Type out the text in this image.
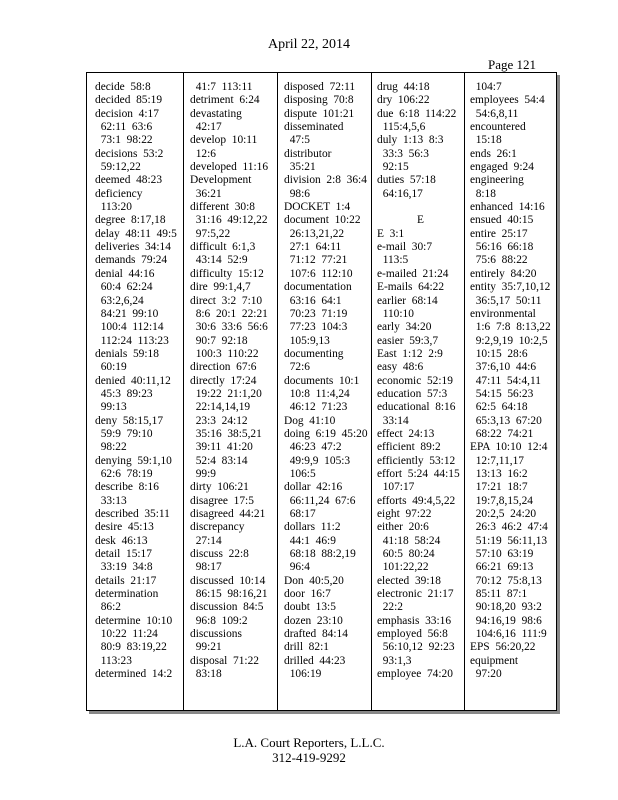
April 22, 2014
Page 121
decide  58:8
decided  85:19
decision  4:17
62:11  63:6
73:1  98:22
decisions  53:2
59:12,22
deemed  48:23
deficiency
113:20
degree  8:17,18
delay  48:11  49:5
deliveries  34:14
demands  79:24
denial  44:16
60:4  62:24
63:2,6,24
84:21  99:10
100:4  112:14
112:24  113:23
denials  59:18
60:19
denied  40:11,12
45:3  89:23
99:13
deny  58:15,17
59:9  79:10
98:22
denying  59:1,10
62:6  78:19
describe  8:16
33:13
described  35:11
desire  45:13
desk  46:13
detail  15:17
33:19  34:8
details  21:17
determination
86:2
determine  10:10
10:22  11:24
80:9  83:19,22
113:23
determined  14:2
41:7  113:11
detriment  6:24
devastating
42:17
develop  10:11
12:6
developed  11:16
Development
36:21
different  30:8
31:16  49:12,22
97:5,22
difficult  6:1,3
43:14  52:9
difficulty  15:12
dire  99:1,4,7
direct  3:2  7:10
8:6  20:1  22:21
30:6  33:6  56:6
90:7  92:18
100:3  110:22
direction  67:6
directly  17:24
19:22  21:1,20
22:14,14,19
23:3  24:12
35:16  38:5,21
39:11  41:20
52:4  83:14
99:9
dirty  106:21
disagree  17:5
disagreed  44:21
discrepancy
27:14
discuss  22:8
98:17
discussed  10:14
86:15  98:16,21
discussion  84:5
96:8  109:2
discussions
99:21
disposal  71:22
83:18
disposed  72:11
disposing  70:8
dispute  101:21
disseminated
47:5
distributor
35:21
division  2:8  36:4
98:6
DOCKET  1:4
document  10:22
26:13,21,22
27:1  64:11
71:12  77:21
107:6  112:10
documentation
63:16  64:1
70:23  71:19
77:23  104:3
105:9,13
documenting
72:6
documents  10:1
10:8  11:4,24
46:12  71:23
Dog  41:10
doing  6:19  45:20
46:23  47:2
49:9,9  105:3
106:5
dollar  42:16
66:11,24  67:6
68:17
dollars  11:2
44:1  46:9
68:18  88:2,19
96:4
Don  40:5,20
door  16:7
doubt  13:5
dozen  23:10
drafted  84:14
drill  82:1
drilled  44:23
106:19
drug  44:18
dry  106:22
due  6:18  114:22
115:4,5,6
duly  1:13  8:3
33:3  56:3
92:15
duties  57:18
64:16,17
E
E  3:1
e-mail  30:7
113:5
e-mailed  21:24
E-mails  64:22
earlier  68:14
110:10
early  34:20
easier  59:3,7
East  1:12  2:9
easy  48:6
economic  52:19
education  57:3
educational  8:16
33:14
effect  24:13
efficient  89:2
efficiently  53:12
effort  5:24  44:15
107:17
efforts  49:4,5,22
eight  97:22
either  20:6
41:18  58:24
60:5  80:24
101:22,22
elected  39:18
electronic  21:17
22:2
emphasis  33:16
employed  56:8
56:10,12  92:23
93:1,3
employee  74:20
104:7
employees  54:4
54:6,8,11
encountered
15:18
ends  26:1
engaged  9:24
engineering
8:18
enhanced  14:16
ensued  40:15
entire  25:17
56:16  66:18
75:6  88:22
entirely  84:20
entity  35:7,10,12
36:5,17  50:11
environmental
1:6  7:8  8:13,22
9:2,9,19  10:2,5
10:15  28:6
37:6,10  44:6
47:11  54:4,11
54:15  56:23
62:5  64:18
65:3,13  67:20
68:22  74:21
EPA  10:10  12:4
12:7,11,17
13:13  16:2
17:21  18:7
19:7,8,15,24
20:2,5  24:20
26:3  46:2  47:4
51:19  56:11,13
57:10  63:19
66:21  69:13
70:12  75:8,13
85:11  87:1
90:18,20  93:2
94:16,19  98:6
104:6,16  111:9
EPS  56:20,22
equipment
97:20
L.A. Court Reporters, L.L.C.
312-419-9292
